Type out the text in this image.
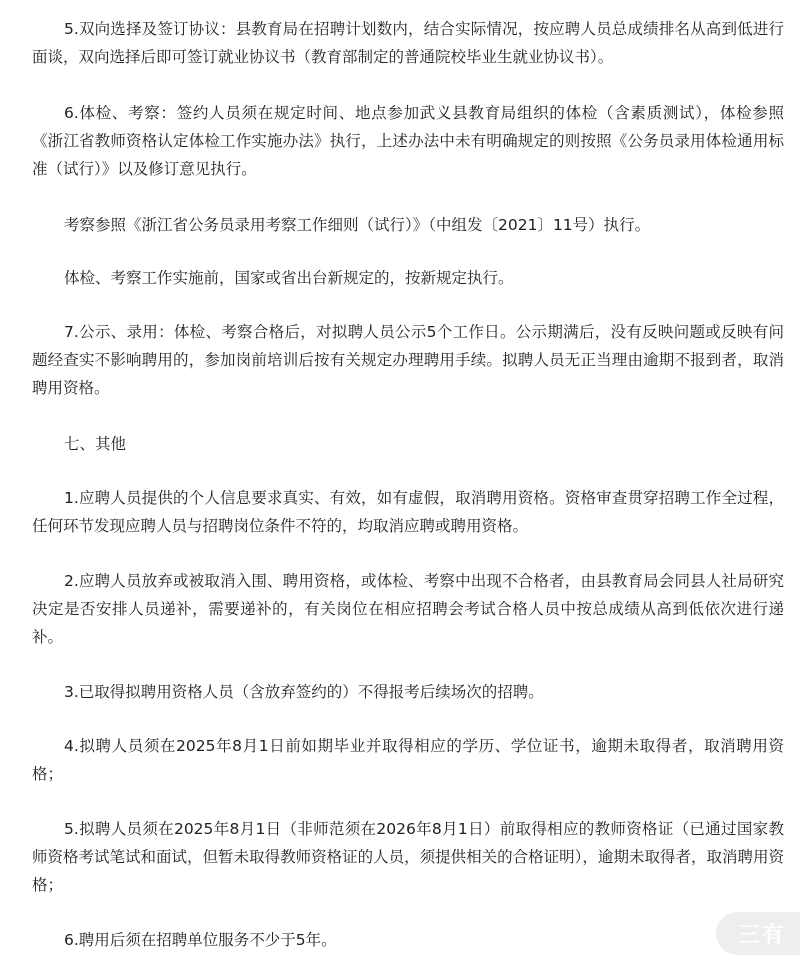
5.双向选择及签订协议：县教育局在招聘计划数内，结合实际情况，按应聘人员总成绩排名从高到低进行面谈，双向选择后即可签订就业协议书（教育部制定的普通院校毕业生就业协议书）。

6.体检、考察：签约人员须在规定时间、地点参加武义县教育局组织的体检（含素质测试），体检参照《浙江省教师资格认定体检工作实施办法》执行，上述办法中未有明确规定的则按照《公务员录用体检通用标准（试行）》以及修订意见执行。

考察参照《浙江省公务员录用考察工作细则（试行）》（中组发〔2021〕11号）执行。

体检、考察工作实施前，国家或省出台新规定的，按新规定执行。

7.公示、录用：体检、考察合格后，对拟聘人员公示5个工作日。公示期满后，没有反映问题或反映有问题经查实不影响聘用的，参加岗前培训后按有关规定办理聘用手续。拟聘人员无正当理由逾期不报到者，取消聘用资格。

七、其他

1.应聘人员提供的个人信息要求真实、有效，如有虚假，取消聘用资格。资格审查贯穿招聘工作全过程，任何环节发现应聘人员与招聘岗位条件不符的，均取消应聘或聘用资格。

2.应聘人员放弃或被取消入围、聘用资格，或体检、考察中出现不合格者，由县教育局会同县人社局研究决定是否安排人员递补，需要递补的，有关岗位在相应招聘会考试合格人员中按总成绩从高到低依次进行递补。

3.已取得拟聘用资格人员（含放弃签约的）不得报考后续场次的招聘。

4.拟聘人员须在2025年8月1日前如期毕业并取得相应的学历、学位证书，逾期未取得者，取消聘用资格；

5.拟聘人员须在2025年8月1日（非师范须在2026年8月1日）前取得相应的教师资格证（已通过国家教师资格考试笔试和面试，但暂未取得教师资格证的人员，须提供相关的合格证明），逾期未取得者，取消聘用资格；

6.聘用后须在招聘单位服务不少于5年。	三有
